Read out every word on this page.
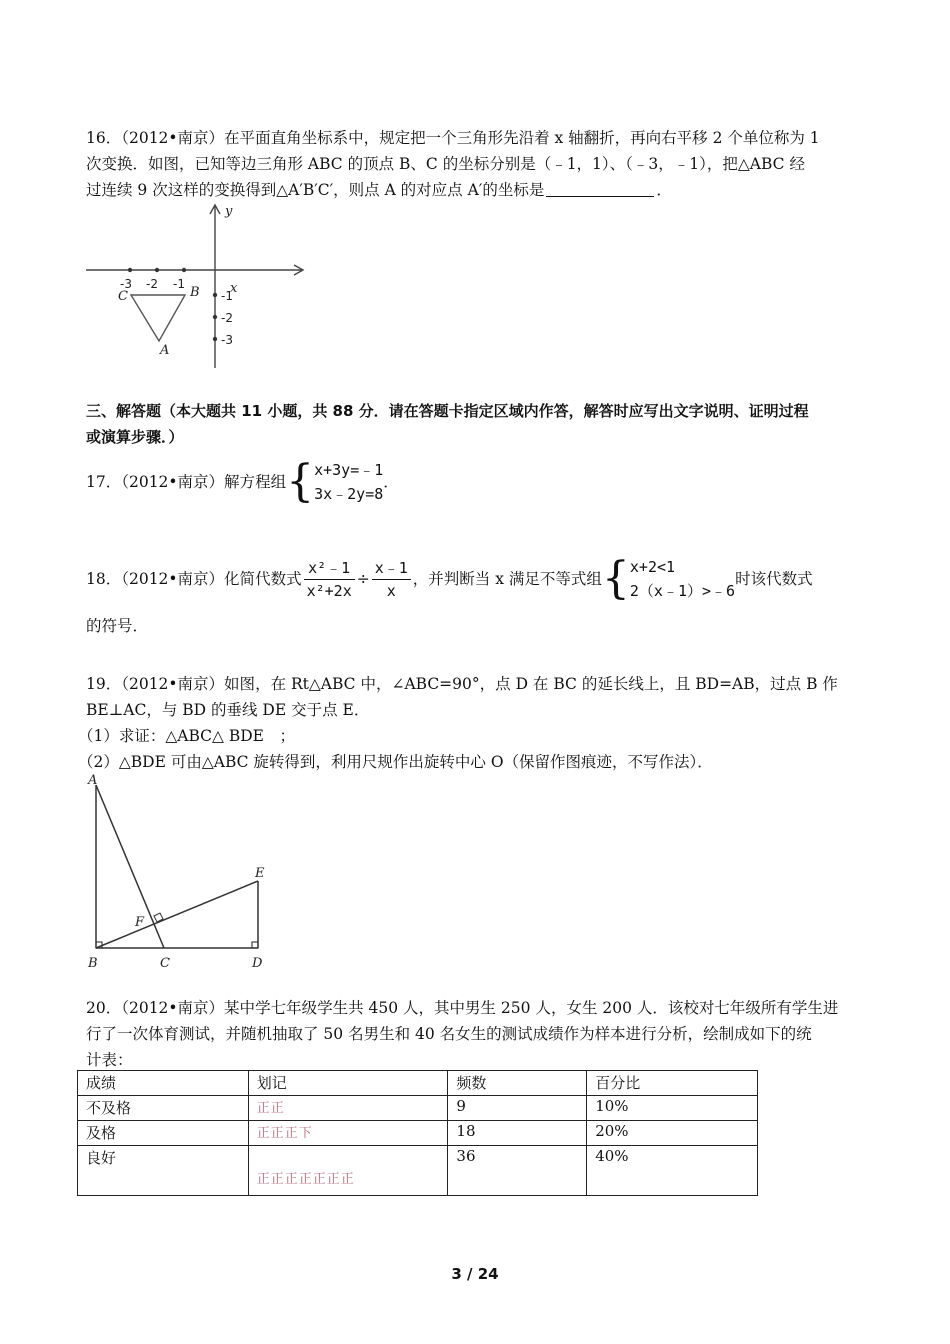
16．（2012•南京）在平面直角坐标系中，规定把一个三角形先沿着 x 轴翻折，再向右平移 2 个单位称为 1

次变换．如图，已知等边三角形 ABC 的顶点 B、C 的坐标分别是（﹣1，1）、（﹣3，﹣1），把△ABC 经

过连续 9 次这样的变换得到△A′B′C′，则点 A 的对应点 A′的坐标是	．

x
y
C	B
A
-3 -2 -1
-1
-2
-3

三、解答题（本大题共 11 小题，共 88 分．请在答题卡指定区域内作答，解答时应写出文字说明、证明过程

或演算步骤．）

17．（2012•南京）解方程组{ x+3y=﹣1
3x﹣2y=8
．
18．（2012•南京）化简代数式 $\frac{\text{x²﹣1}}{\text{x²+2x}} \div \frac{x﹣1}{x}$ ，并判断当 x 满足不等式组{ x+2<1
2（x﹣1）>﹣6
时该代数式

的符号．

19．（2012•南京）如图，在 Rt△ABC 中，∠ABC=90°，点 D 在 BC 的延长线上，且 BD=AB，过点 B 作

BE⊥AC，与 BD 的垂线 DE 交于点 E．

（1）求证：△ABC△ BDE　；

（2）△BDE 可由△ABC 旋转得到，利用尺规作出旋转中心 O（保留作图痕迹，不写作法）．

A
E
F
B	C	D

20．（2012•南京）某中学七年级学生共 450 人，其中男生 250 人，女生 200 人．该校对七年级所有学生进

行了一次体育测试，并随机抽取了 50 名男生和 40 名女生的测试成绩作为样本进行分析，绘制成如下的统

计表：

成绩	划记	频数	百分比
不及格	正正	9	10%
及格	正正正下	18	20%
良好	正正正正正正正	36	40%
3 / 24
